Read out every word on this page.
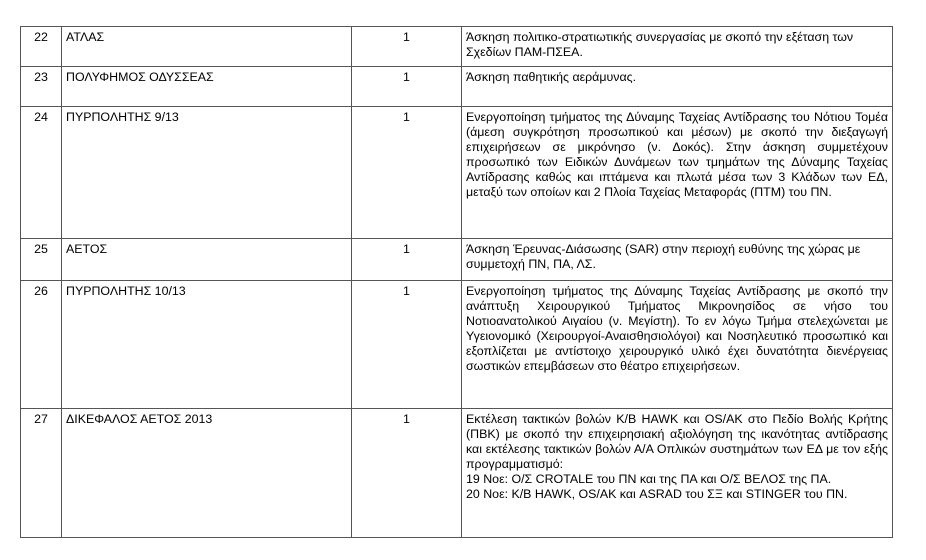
22	ΑΤΛΑΣ	1	Άσκηση πολιτικο-στρατιωτικής συνεργασίας με σκοπό την εξέταση των Σχεδίων ΠΑΜ-ΠΣΕΑ.

23	ΠΟΛΥΦΗΜΟΣ ΟΔΥΣΣΕΑΣ	1	Άσκηση παθητικής αεράμυνας.

24	ΠΥΡΠΟΛΗΤΗΣ 9/13	1	Ενεργοποίηση τμήματος της Δύναμης Ταχείας Αντίδρασης του Νότιου Τομέα (άμεση συγκρότηση προσωπικού και μέσων) με σκοπό την διεξαγωγή επιχειρήσεων σε μικρόνησο (ν. Δοκός). Στην άσκηση συμμετέχουν προσωπικό των Ειδικών Δυνάμεων των τμημάτων της Δύναμης Ταχείας Αντίδρασης καθώς και ιπτάμενα και πλωτά μέσα των 3 Κλάδων των ΕΔ, μεταξύ των οποίων και 2 Πλοία Ταχείας Μεταφοράς (ΠΤΜ) του ΠΝ.

25	ΑΕΤΟΣ	1	Άσκηση Έρευνας-Διάσωσης (SAR) στην περιοχή ευθύνης της χώρας με συμμετοχή ΠΝ, ΠΑ, ΛΣ.

26	ΠΥΡΠΟΛΗΤΗΣ 10/13	1	Ενεργοποίηση τμήματος της Δύναμης Ταχείας Αντίδρασης με σκοπό την ανάπτυξη Χειρουργικού Τμήματος Μικρονησίδος σε νήσο του Νοτιοανατολικού Αιγαίου (ν. Μεγίστη). Το εν λόγω Τμήμα στελεχώνεται με Υγειονομικό (Χειρουργοί-Αναισθησιολόγοι) και Νοσηλευτικό προσωπικό και εξοπλίζεται με αντίστοιχο χειρουργικό υλικό έχει δυνατότητα διενέργειας σωστικών επεμβάσεων στο θέατρο επιχειρήσεων.

27	ΔΙΚΕΦΑΛΟΣ ΑΕΤΟΣ 2013	1	Εκτέλεση τακτικών βολών Κ/Β HAWK και OS/AK στο Πεδίο Βολής Κρήτης (ΠΒΚ) με σκοπό την επιχειρησιακή αξιολόγηση της ικανότητας αντίδρασης και εκτέλεσης τακτικών βολών Α/Α Οπλικών συστημάτων των ΕΔ με τον εξής προγραμματισμό:

19 Νοε: Ο/Σ CROTALE του ΠΝ και της ΠΑ και Ο/Σ ΒΕΛΟΣ της ΠΑ.

20 Νοε: Κ/Β HAWK, OS/AK και ASRAD του ΣΞ και STINGER του ΠΝ.
